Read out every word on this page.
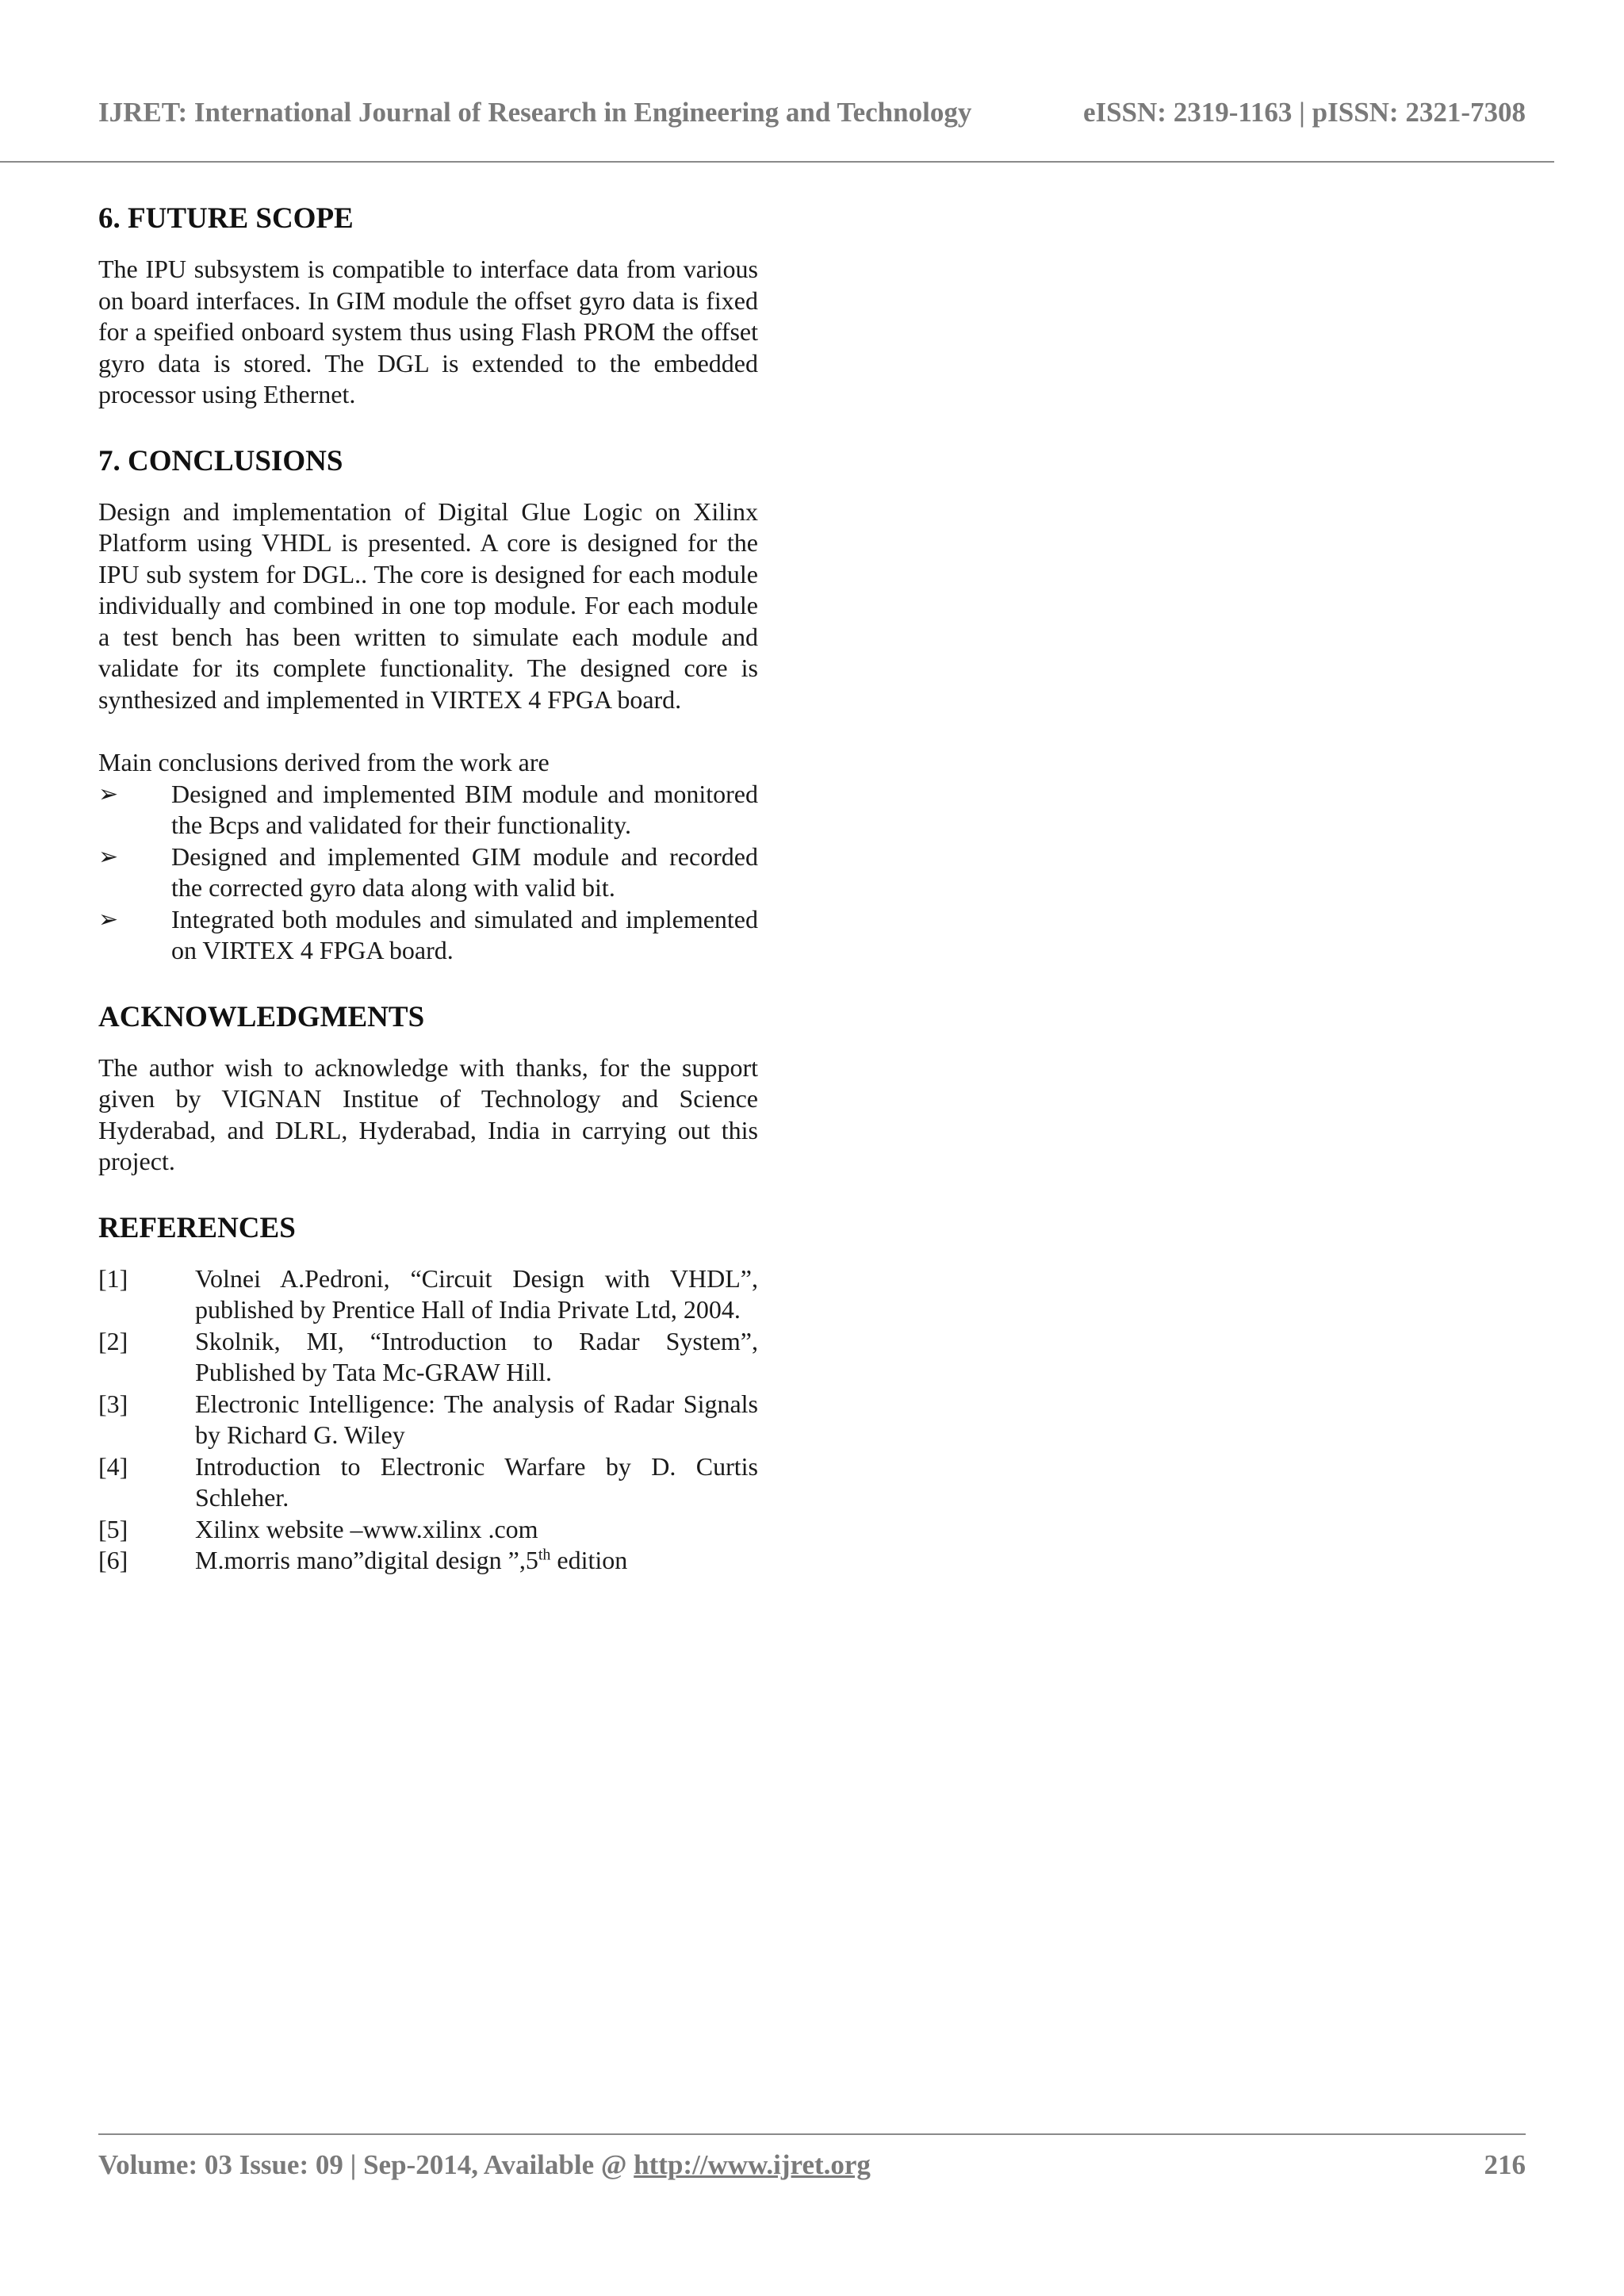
IJRET: International Journal of Research in Engineering and Technology	eISSN: 2319-1163 | pISSN: 2321-7308
6. FUTURE SCOPE

The IPU subsystem is compatible to interface data from various on board interfaces. In GIM module the offset gyro data is fixed for a speified onboard system thus using Flash PROM the offset gyro data is stored. The DGL is extended to the embedded processor using Ethernet.

7. CONCLUSIONS

Design and implementation of Digital Glue Logic on Xilinx Platform using VHDL is presented. A core is designed for the IPU sub system for DGL.. The core is designed for each module individually and combined in one top module. For each module a test bench has been written to simulate each module and validate for its complete functionality. The designed core is synthesized and implemented in VIRTEX 4 FPGA board.

Main conclusions derived from the work are

➢ Designed and implemented BIM module and monitored the Bcps and validated for their functionality.
➢ Designed and implemented GIM module and recorded the corrected gyro data along with valid bit.
➢ Integrated both modules and simulated and implemented on VIRTEX 4 FPGA board.
ACKNOWLEDGMENTS

The author wish to acknowledge with thanks, for the support given by VIGNAN Institue of Technology and Science Hyderabad, and DLRL, Hyderabad, India in carrying out this project.

REFERENCES
[1]	Volnei A.Pedroni, “Circuit Design with VHDL”, published by Prentice Hall of India Private Ltd, 2004.
[2]	Skolnik, MI, “Introduction to Radar System”, Published by Tata Mc-GRAW Hill.
[3]	Electronic Intelligence: The analysis of Radar Signals by Richard G. Wiley
[4]	Introduction to Electronic Warfare by D. Curtis Schleher.
[5]	Xilinx website –www.xilinx .com
[6]	M.morris mano”digital design ”,5th edition
Volume: 03 Issue: 09 | Sep-2014, Available @ http://www.ijret.org	216
